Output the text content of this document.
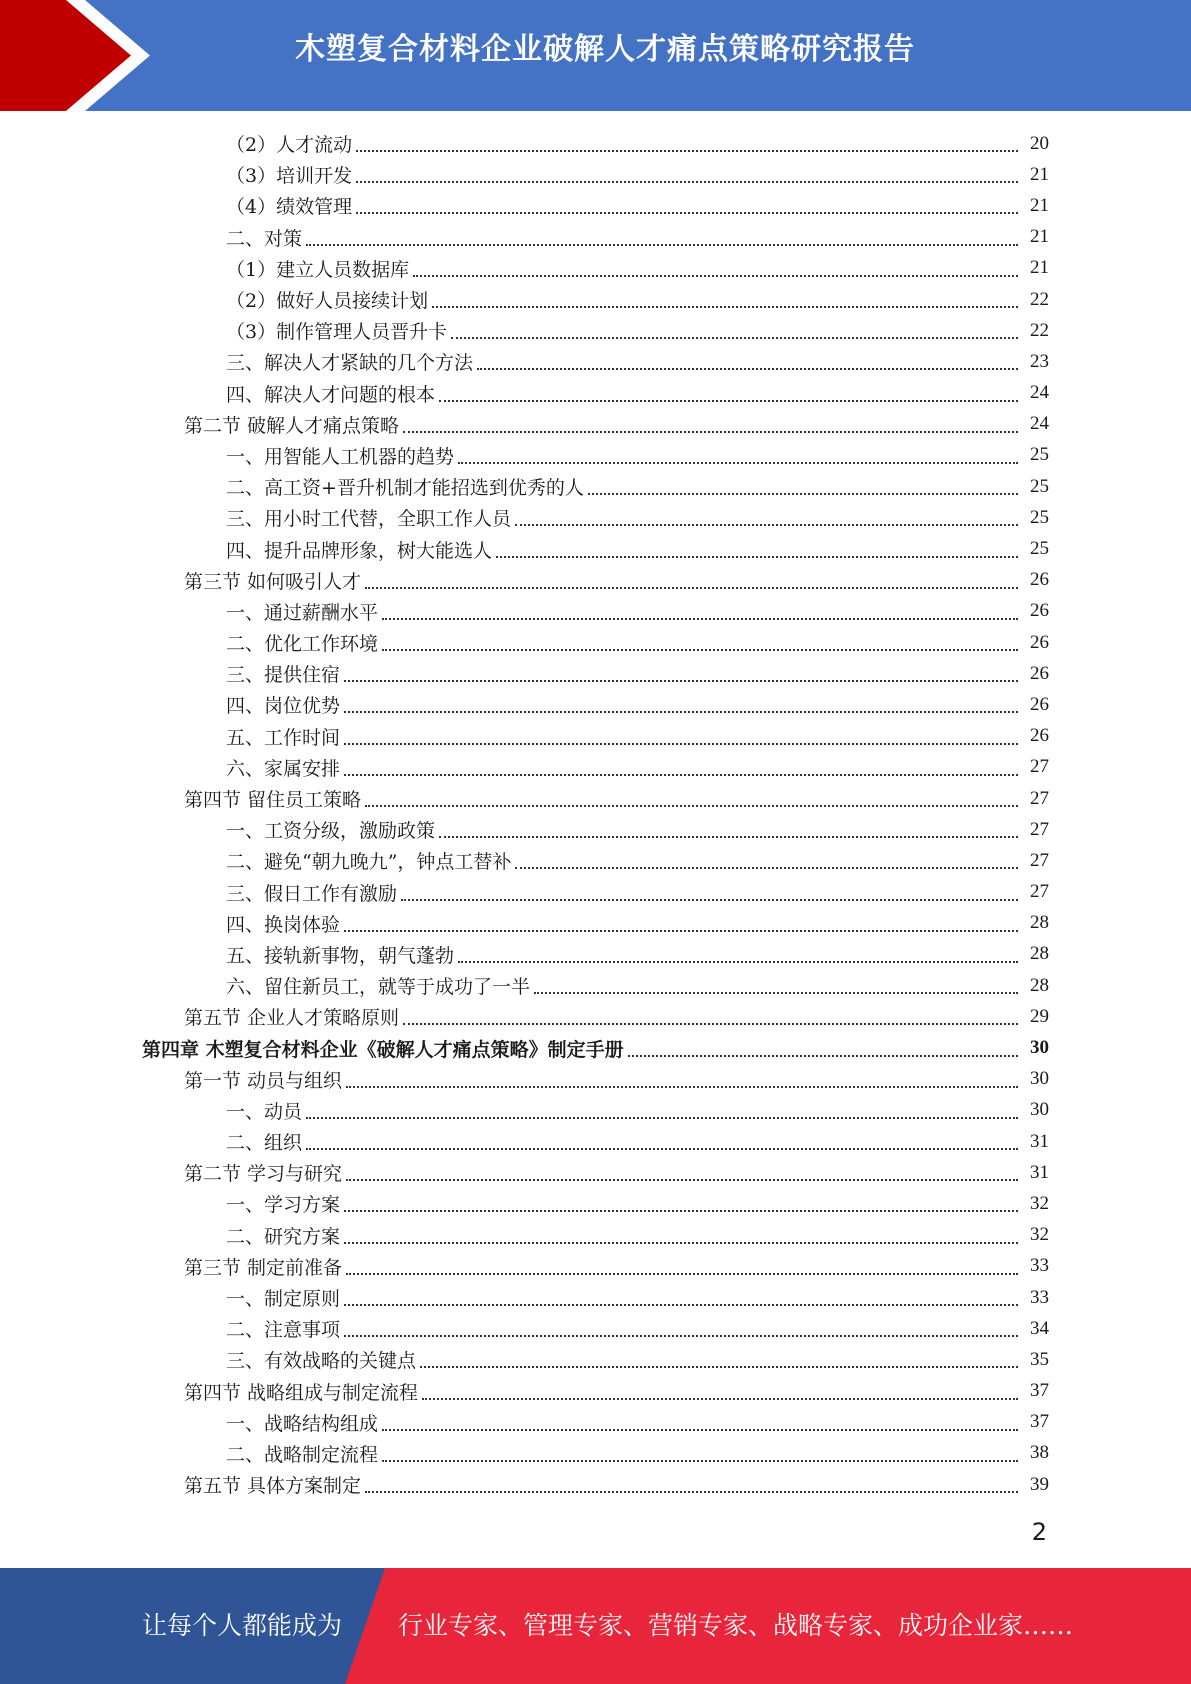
木塑复合材料企业破解人才痛点策略研究报告
（2）人才流动	20
（3）培训开发	21
（4）绩效管理	21
二、对策	21
（1）建立人员数据库	21
（2）做好人员接续计划	22
（3）制作管理人员晋升卡	22
三、解决人才紧缺的几个方法	23
四、解决人才问题的根本	24
第二节 破解人才痛点策略	24
一、用智能人工机器的趋势	25
二、高工资+晋升机制才能招选到优秀的人	25
三、用小时工代替，全职工作人员	25
四、提升品牌形象，树大能选人	25
第三节 如何吸引人才	26
一、通过薪酬水平	26
二、优化工作环境	26
三、提供住宿	26
四、岗位优势	26
五、工作时间	26
六、家属安排	27
第四节 留住员工策略	27
一、工资分级，激励政策	27
二、避免“朝九晚九”，钟点工替补	27
三、假日工作有激励	27
四、换岗体验	28
五、接轨新事物，朝气蓬勃	28
六、留住新员工，就等于成功了一半	28
第五节 企业人才策略原则	29
第四章 木塑复合材料企业《破解人才痛点策略》制定手册	30
第一节 动员与组织	30
一、动员	30
二、组织	31
第二节 学习与研究	31
一、学习方案	32
二、研究方案	32
第三节 制定前准备	33
一、制定原则	33
二、注意事项	34
三、有效战略的关键点	35
第四节 战略组成与制定流程	37
一、战略结构组成	37
二、战略制定流程	38
第五节 具体方案制定	39
2
让每个人都能成为 行业专家、管理专家、营销专家、战略专家、成功企业家……
